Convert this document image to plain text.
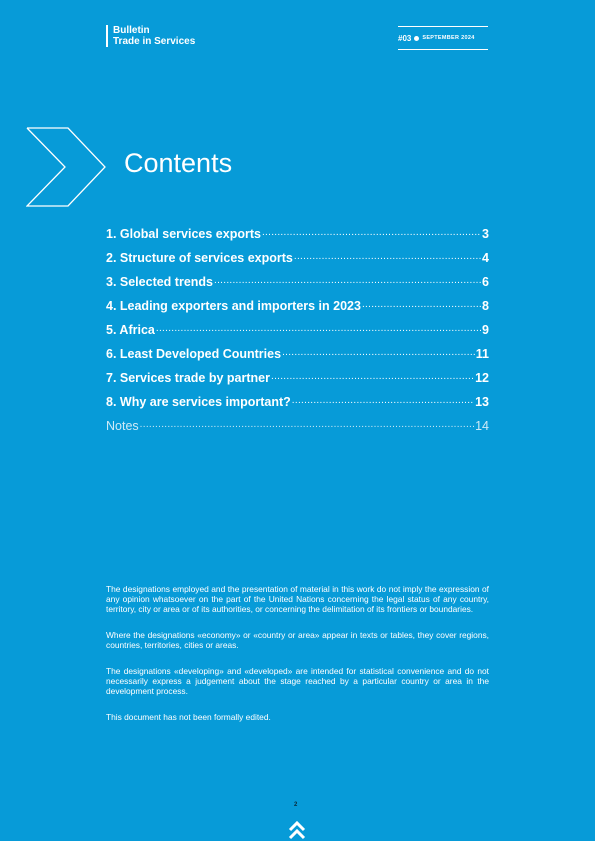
Bulletin
Trade in Services	#03 SEPTEMBER 2024
Contents
1. Global services exports .....	3
2. Structure of services exports .....	4
3. Selected trends .....	6
4. Leading exporters and importers in 2023 .....	8
5. Africa .....	9
6. Least Developed Countries .....	11
7. Services trade by partner .....	12
8. Why are services important? .....	13
Notes .....	14

The designations employed and the presentation of material in this work do not imply the expression of any opinion whatsoever on the part of the United Nations concerning the legal status of any country, territory, city or area or of its authorities, or concerning the delimitation of its frontiers or boundaries.

Where the designations «economy» or «country or area» appear in texts or tables, they cover regions, countries, territories, cities or areas.

The designations «developing» and «developed» are intended for statistical convenience and do not necessarily express a judgement about the stage reached by a particular country or area in the development process.

This document has not been formally edited.

2
